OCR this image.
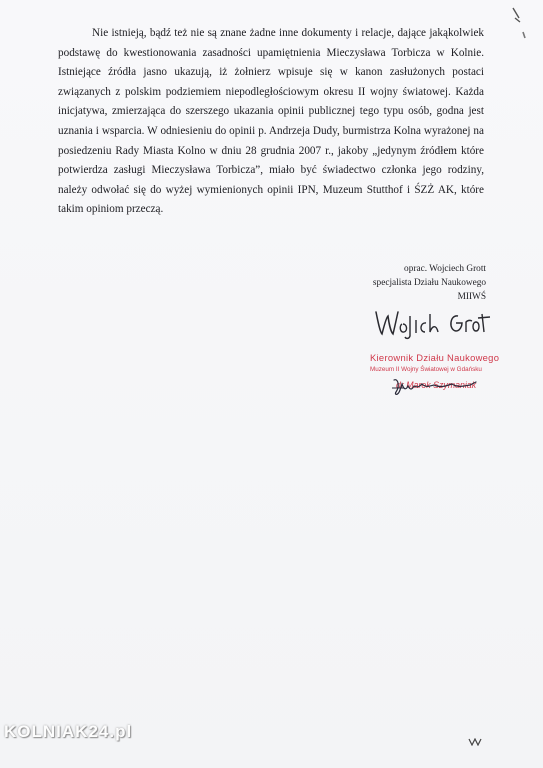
Nie istnieją, bądź też nie są znane żadne inne dokumenty i relacje, dające jakąkolwiek podstawę do kwestionowania zasadności upamiętnienia Mieczysława Torbicza w Kolnie. Istniejące źródła jasno ukazują, iż żołnierz wpisuje się w kanon zasłużonych postaci związanych z polskim podziemiem niepodległościowym okresu II wojny światowej. Każda inicjatywa, zmierzająca do szerszego ukazania opinii publicznej tego typu osób, godna jest uznania i wsparcia. W odniesieniu do opinii p. Andrzeja Dudy, burmistrza Kolna wyrażonej na posiedzeniu Rady Miasta Kolno w dniu 28 grudnia 2007 r., jakoby „jedynym źródłem które potwierdza zasługi Mieczysława Torbicza”, miało być świadectwo członka jego rodziny, należy odwołać się do wyżej wymienionych opinii IPN, Muzeum Stutthof i ŚZŻ AK, które takim opiniom przeczą.

oprac. Wojciech Grott
specjalista Działu Naukowego
MIIWŚ
Kierownik Działu Naukowego
Muzeum II Wojny Światowej w Gdańsku
dr Marek Szymaniak
KOLNIAK24.pl
